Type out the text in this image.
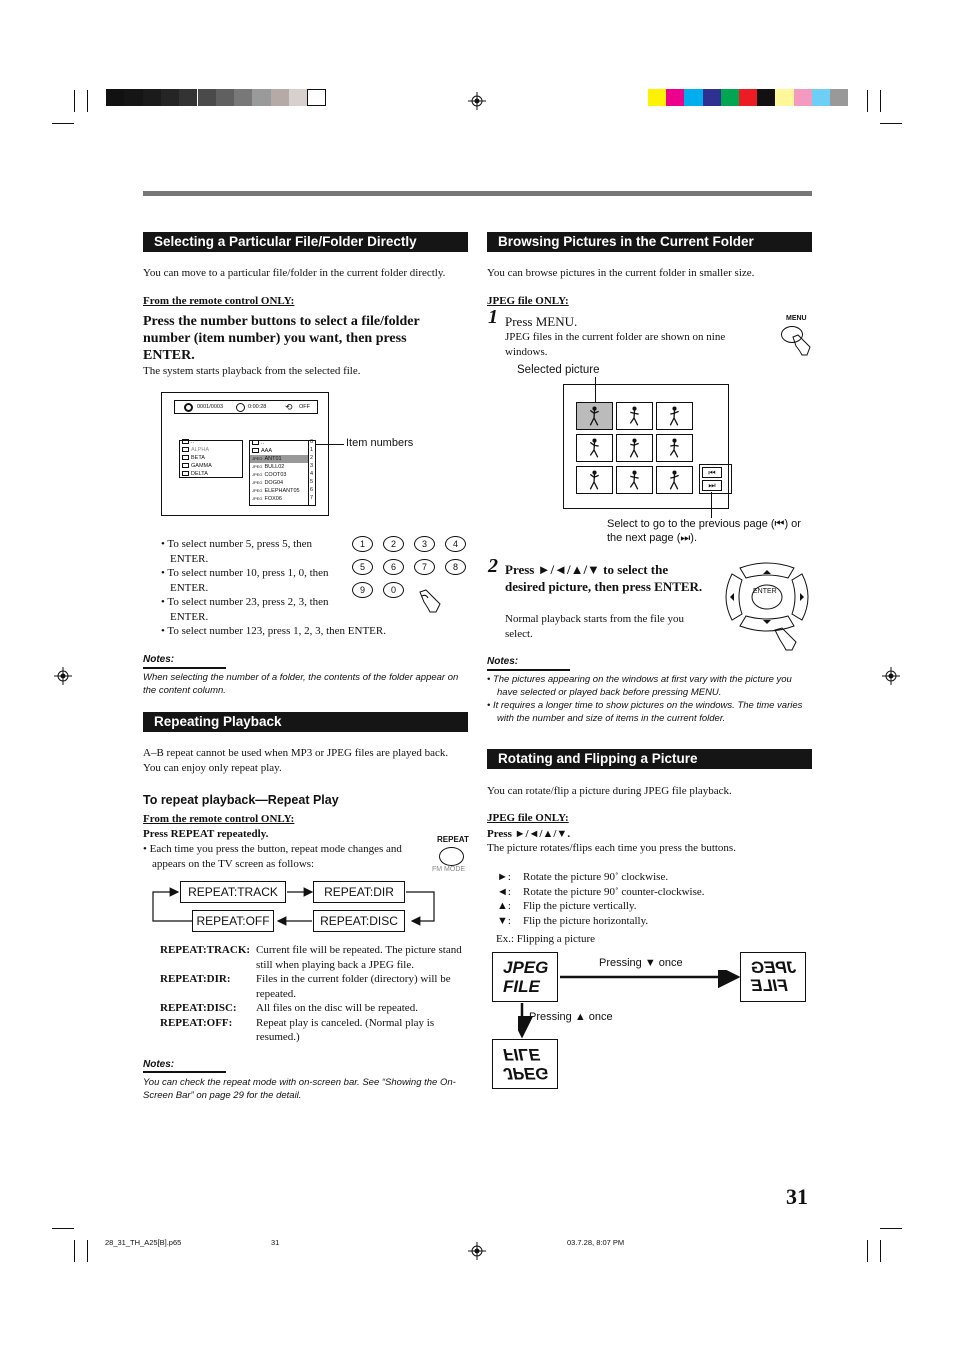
Selecting a Particular File/Folder Directly
You can move to a particular file/folder in the current folder directly.
From the remote control ONLY:
Press the number buttons to select a file/folder number (item number) you want, then press ENTER.
The system starts playback from the selected file.
0001/0003	0:00:28 ⟲ OFF
..
ALPHA
BETA
GAMMA
DELTA
..
AAA
JPEG ANT01
JPEG BULL02
JPEG COOT03
JPEG DOG04
JPEG ELEPHANT05
JPEG FOX06
0
1
2
3
4
5
6
7
Item numbers
• To select number 5, press 5, then ENTER.
• To select number 10, press 1, 0, then ENTER.
• To select number 23, press 2, 3, then ENTER.
• To select number 123, press 1, 2, 3, then ENTER.
1	2	3	4
5	6	7	8
9	0
Notes:
When selecting the number of a folder, the contents of the folder appear on the content column.
Repeating Playback
A–B repeat cannot be used when MP3 or JPEG files are played back. You can enjoy only repeat play.
To repeat playback—Repeat Play
From the remote control ONLY:
Press REPEAT repeatedly.
• Each time you press the button, repeat mode changes and appears on the TV screen as follows:
REPEAT
FM MODE
REPEAT:TRACK	REPEAT:DIR
REPEAT:DISC
REPEAT:OFF
REPEAT:TRACK:	Current file will be repeated. The picture stand still when playing back a JPEG file.
REPEAT:DIR:	Files in the current folder (directory) will be repeated.
REPEAT:DISC:	All files on the disc will be repeated.
REPEAT:OFF:	Repeat play is canceled. (Normal play is resumed.)
Notes:
You can check the repeat mode with on-screen bar. See “Showing the On-Screen Bar” on page 29 for the detail.
Browsing Pictures in the Current Folder
You can browse pictures in the current folder in smaller size.
JPEG file ONLY:
1 Press MENU.
JPEG files in the current folder are shown on nine windows.
MENU
Selected picture
⏮
⏭
Select to go to the previous page (⏮) or the next page (⏭).
2 Press ►/◄/▲/▼ to select the desired picture, then press ENTER.
Normal playback starts from the file you select.
ENTER
Notes:
• The pictures appearing on the windows at first vary with the picture you have selected or played back before pressing MENU.
• It requires a longer time to show pictures on the windows. The time varies with the number and size of items in the current folder.
Rotating and Flipping a Picture
You can rotate/flip a picture during JPEG file playback.
JPEG file ONLY:
Press ►/◄/▲/▼.
The picture rotates/flips each time you press the buttons.
►: Rotate the picture 90˚ clockwise.
◄: Rotate the picture 90˚ counter-clockwise.
▲: Flip the picture vertically.
▼: Flip the picture horizontally.
Ex.: Flipping a picture
JPEG
FILE
JPEG
FILE
FILE
JPEG
Pressing ▼ once
Pressing ▲ once
31
28_31_TH_A25[B].p65	31	03.7.28, 8:07 PM
